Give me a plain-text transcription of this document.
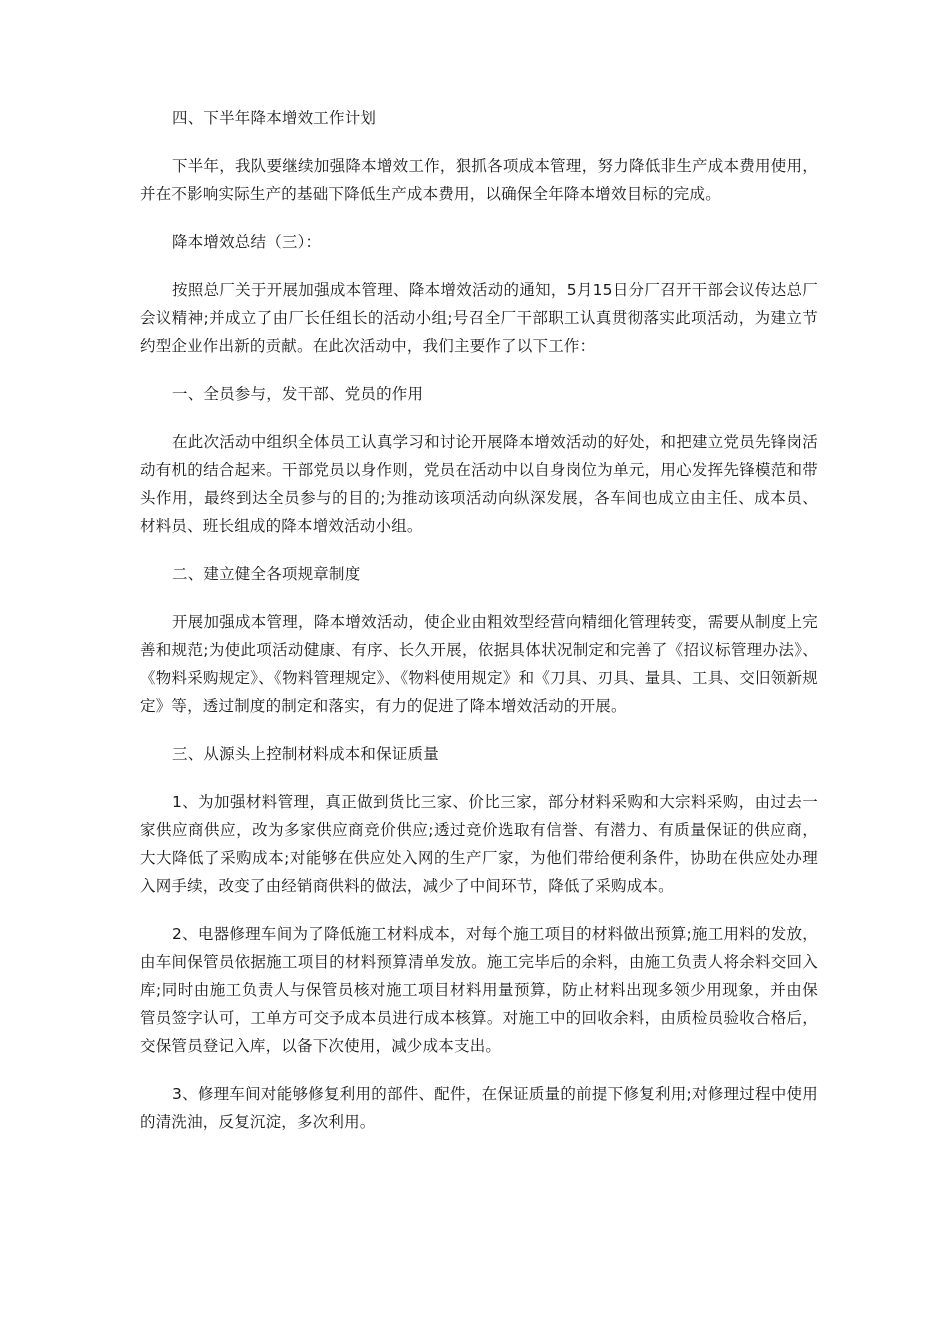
四、下半年降本增效工作计划

下半年，我队要继续加强降本增效工作，狠抓各项成本管理，努力降低非生产成本费用使用，并在不影响实际生产的基础下降低生产成本费用，以确保全年降本增效目标的完成。

降本增效总结（三）：

按照总厂关于开展加强成本管理、降本增效活动的通知，5月15日分厂召开干部会议传达总厂会议精神;并成立了由厂长任组长的活动小组;号召全厂干部职工认真贯彻落实此项活动，为建立节约型企业作出新的贡献。在此次活动中，我们主要作了以下工作：

一、全员参与，发干部、党员的作用

在此次活动中组织全体员工认真学习和讨论开展降本增效活动的好处，和把建立党员先锋岗活动有机的结合起来。干部党员以身作则，党员在活动中以自身岗位为单元，用心发挥先锋模范和带头作用，最终到达全员参与的目的;为推动该项活动向纵深发展，各车间也成立由主任、成本员、材料员、班长组成的降本增效活动小组。

二、建立健全各项规章制度

开展加强成本管理，降本增效活动，使企业由粗效型经营向精细化管理转变，需要从制度上完善和规范;为使此项活动健康、有序、长久开展，依据具体状况制定和完善了《招议标管理办法》、《物料采购规定》、《物料管理规定》、《物料使用规定》和《刀具、刃具、量具、工具、交旧领新规定》等，透过制度的制定和落实，有力的促进了降本增效活动的开展。

三、从源头上控制材料成本和保证质量

1、为加强材料管理，真正做到货比三家、价比三家，部分材料采购和大宗料采购，由过去一家供应商供应，改为多家供应商竞价供应;透过竞价选取有信誉、有潜力、有质量保证的供应商，大大降低了采购成本;对能够在供应处入网的生产厂家，为他们带给便利条件，协助在供应处办理入网手续，改变了由经销商供料的做法，减少了中间环节，降低了采购成本。

2、电器修理车间为了降低施工材料成本，对每个施工项目的材料做出预算;施工用料的发放，由车间保管员依据施工项目的材料预算清单发放。施工完毕后的余料，由施工负责人将余料交回入库;同时由施工负责人与保管员核对施工项目材料用量预算，防止材料出现多领少用现象，并由保管员签字认可，工单方可交予成本员进行成本核算。对施工中的回收余料，由质检员验收合格后，交保管员登记入库，以备下次使用，减少成本支出。

3、修理车间对能够修复利用的部件、配件，在保证质量的前提下修复利用;对修理过程中使用的清洗油，反复沉淀，多次利用。
